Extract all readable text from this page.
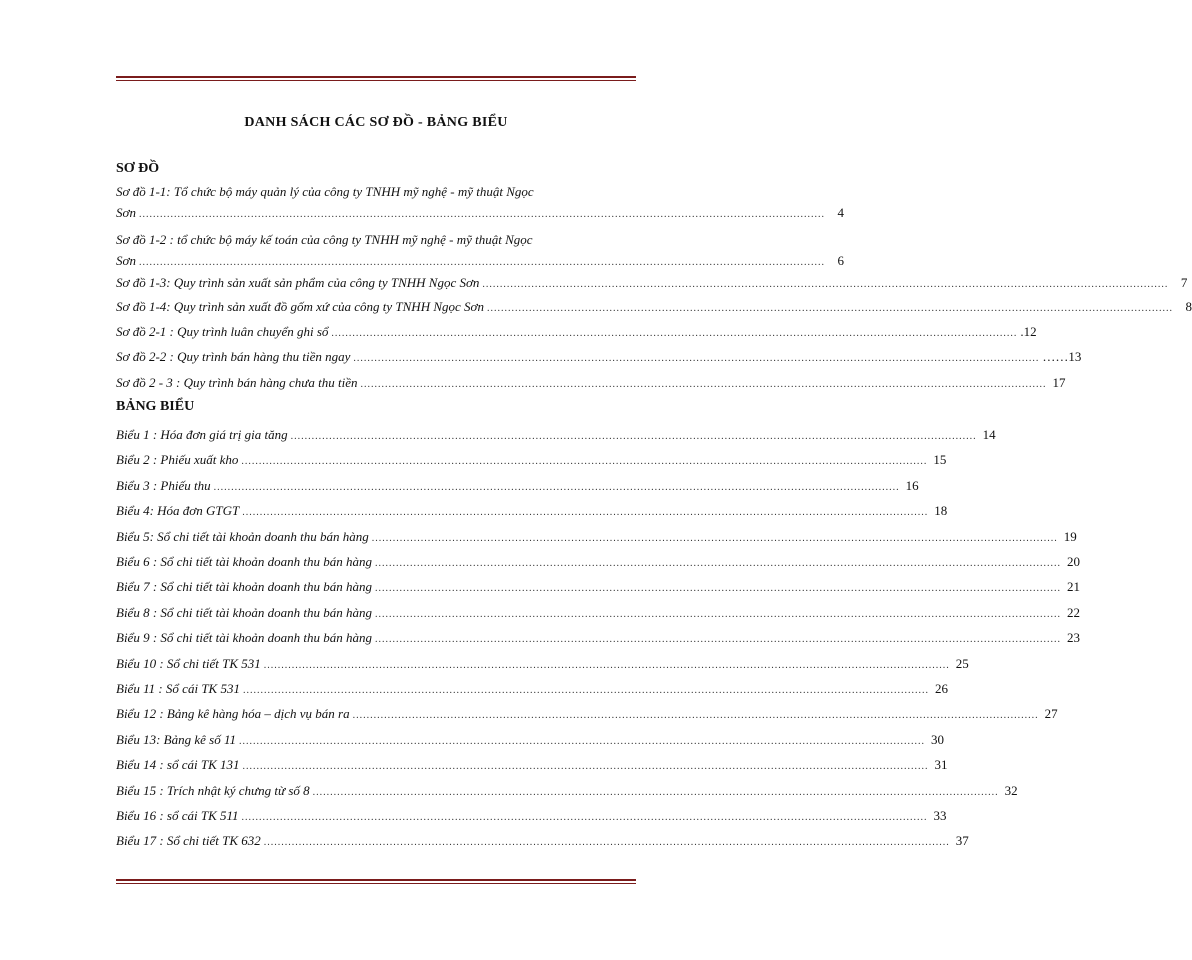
DANH SÁCH CÁC SƠ ĐỒ - BẢNG BIỂU
SƠ ĐỒ
Sơ đồ 1-1: Tổ chức bộ máy quản lý của công ty TNHH mỹ nghệ - mỹ thuật Ngọc
Sơn .................................................................................................................................................................................................... 4
Sơ đồ 1-2 : tổ chức bộ máy kế toán của công ty TNHH mỹ nghệ - mỹ thuật Ngọc
Sơn .................................................................................................................................................................................................... 6
Sơ đồ 1-3: Quy trình sản xuất sản phẩm của công ty TNHH Ngọc Sơn .................................................................................................................................................................................................... 7
Sơ đồ 1-4: Quy trình sản xuất đồ gốm xứ của công ty TNHH Ngọc Sơn .................................................................................................................................................................................................... 8
Sơ đồ 2-1 : Quy trình luân chuyển ghi sổ .................................................................................................................................................................................................... .12
Sơ đồ 2-2 : Quy trình bán hàng thu tiền ngay .................................................................................................................................................................................................... ……13
Sơ đồ 2 - 3 : Quy trình bán hàng chưa thu tiền .................................................................................................................................................................................................... 17
BẢNG BIỂU
Biểu 1 : Hóa đơn giá trị gia tăng .................................................................................................................................................................................................... 14
Biểu 2 : Phiếu xuất kho .................................................................................................................................................................................................... 15
Biểu 3 : Phiếu thu .................................................................................................................................................................................................... 16
Biểu 4: Hóa đơn GTGT .................................................................................................................................................................................................... 18
Biểu 5: Sổ chi tiết tài khoản doanh thu bán hàng .................................................................................................................................................................................................... 19
Biểu 6 : Sổ chi tiết tài khoản doanh thu bán hàng .................................................................................................................................................................................................... 20
Biểu 7 : Sổ chi tiết tài khoản doanh thu bán hàng .................................................................................................................................................................................................... 21
Biểu 8 : Sổ chi tiết tài khoản doanh thu bán hàng .................................................................................................................................................................................................... 22
Biểu 9 : Sổ chi tiết tài khoản doanh thu bán hàng .................................................................................................................................................................................................... 23
Biểu 10 : Sổ chi tiết TK 531 .................................................................................................................................................................................................... 25
Biểu 11 : Sổ cái TK 531 .................................................................................................................................................................................................... 26
Biểu 12 : Bảng kê hàng hóa – dịch vụ bán ra .................................................................................................................................................................................................... 27
Biểu 13: Bảng kê số 11 .................................................................................................................................................................................................... 30
Biểu 14 : sổ cái TK 131 .................................................................................................................................................................................................... 31
Biểu 15 : Trích nhật ký chưng từ số 8 .................................................................................................................................................................................................... 32
Biểu 16 : sổ cái TK 511 .................................................................................................................................................................................................... 33
Biểu 17 : Sổ chi tiết TK 632 .................................................................................................................................................................................................... 37
